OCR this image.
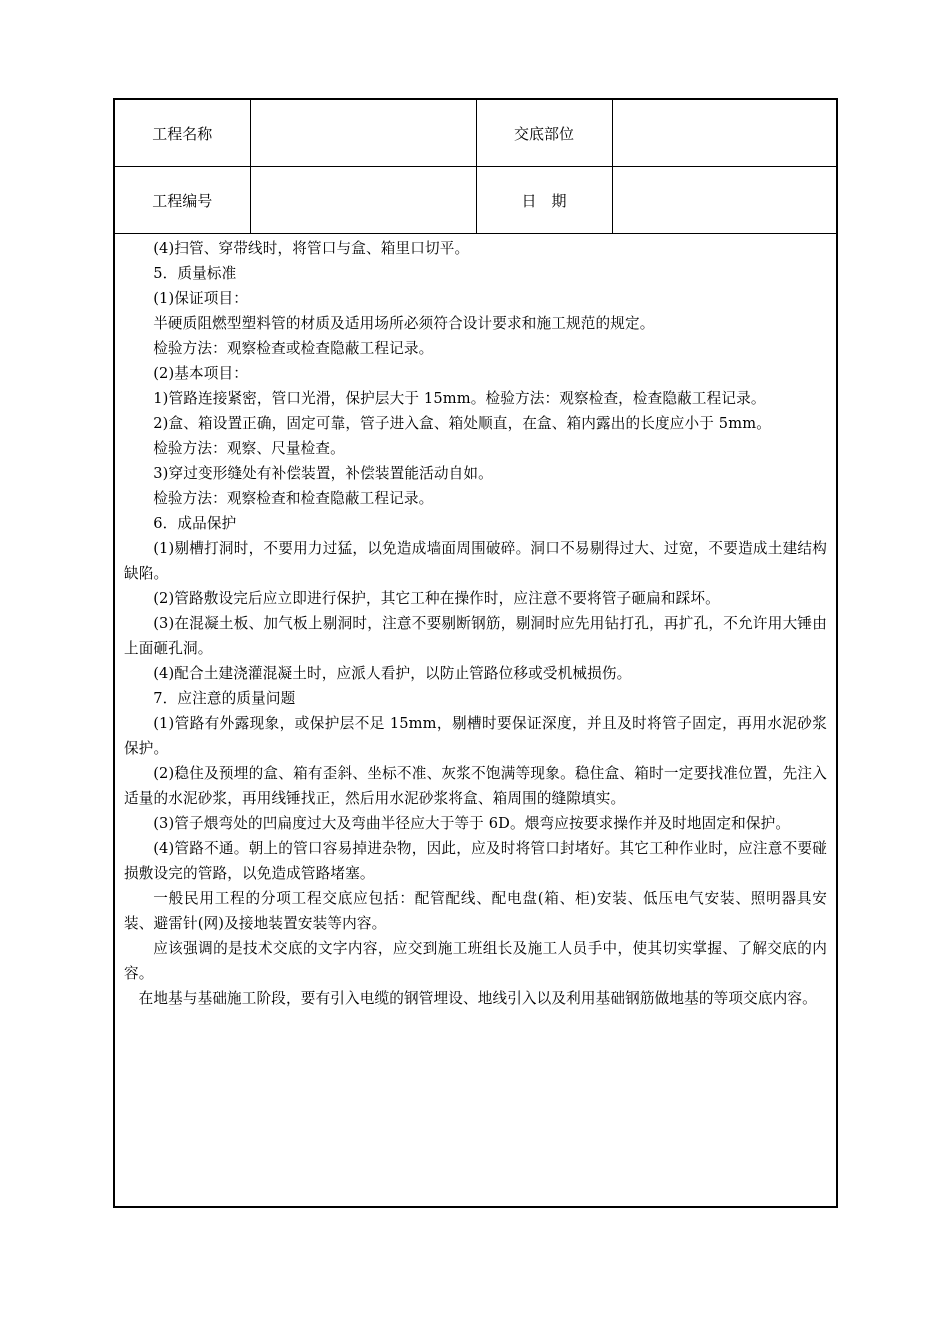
工程名称		交底部位	
工程编号		日　期	

(4)扫管、穿带线时，将管口与盒、箱里口切平。

5．质量标准

(1)保证项目：

半硬质阻燃型塑料管的材质及适用场所必须符合设计要求和施工规范的规定。

检验方法：观察检查或检查隐蔽工程记录。

(2)基本项目：

1)管路连接紧密，管口光滑，保护层大于 15mm。检验方法：观察检查，检查隐蔽工程记录。

2)盒、箱设置正确，固定可靠，管子进入盒、箱处顺直，在盒、箱内露出的长度应小于 5mm。

检验方法：观察、尺量检查。

3)穿过变形缝处有补偿装置，补偿装置能活动自如。

检验方法：观察检查和检查隐蔽工程记录。

6．成品保护

(1)剔槽打洞时，不要用力过猛，以免造成墙面周围破碎。洞口不易剔得过大、过宽，不要造成土建结构缺陷。

(2)管路敷设完后应立即进行保护，其它工种在操作时，应注意不要将管子砸扁和踩坏。

(3)在混凝土板、加气板上剔洞时，注意不要剔断钢筋，剔洞时应先用钻打孔，再扩孔，不允许用大锤由上面砸孔洞。

(4)配合土建浇灌混凝土时，应派人看护，以防止管路位移或受机械损伤。

7．应注意的质量问题

(1)管路有外露现象，或保护层不足 15mm，剔槽时要保证深度，并且及时将管子固定，再用水泥砂浆保护。

(2)稳住及预埋的盒、箱有歪斜、坐标不准、灰浆不饱满等现象。稳住盒、箱时一定要找准位置，先注入适量的水泥砂浆，再用线锤找正，然后用水泥砂浆将盒、箱周围的缝隙填实。

(3)管子煨弯处的凹扁度过大及弯曲半径应大于等于 6D。煨弯应按要求操作并及时地固定和保护。

(4)管路不通。朝上的管口容易掉进杂物，因此，应及时将管口封堵好。其它工种作业时，应注意不要碰损敷设完的管路，以免造成管路堵塞。

一般民用工程的分项工程交底应包括：配管配线、配电盘(箱、柜)安装、低压电气安装、照明器具安装、避雷针(网)及接地装置安装等内容。

应该强调的是技术交底的文字内容，应交到施工班组长及施工人员手中，使其切实掌握、了解交底的内容。

在地基与基础施工阶段，要有引入电缆的钢管埋设、地线引入以及利用基础钢筋做地基的等项交底内容。
